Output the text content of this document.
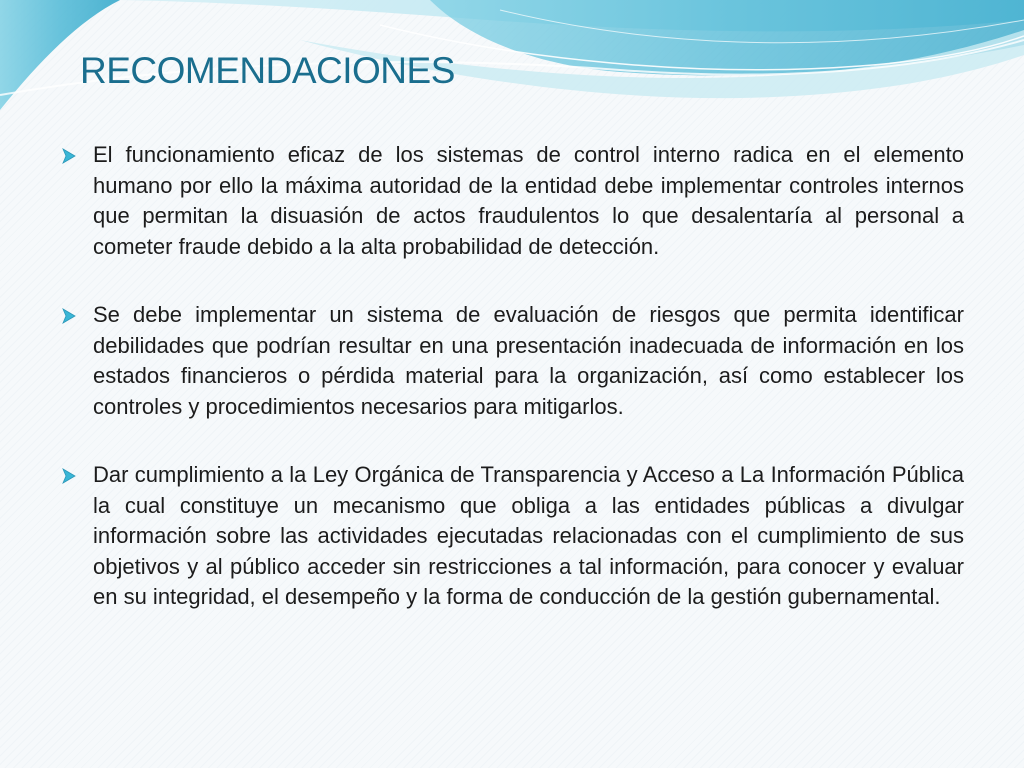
RECOMENDACIONES
El funcionamiento eficaz de los sistemas de control interno radica en el elemento humano por ello la máxima autoridad de la entidad debe implementar controles internos que permitan la disuasión de actos fraudulentos lo que desalentaría al personal a cometer fraude debido a la alta probabilidad de detección.
Se debe implementar un sistema de evaluación de riesgos que permita identificar debilidades que podrían resultar en una presentación inadecuada de información en los estados financieros o pérdida material para la organización, así como establecer los controles y procedimientos necesarios para mitigarlos.
Dar cumplimiento a la Ley Orgánica de Transparencia y Acceso a La Información Pública la cual constituye un mecanismo que obliga a las entidades públicas a divulgar información sobre las actividades ejecutadas relacionadas con el cumplimiento de sus objetivos y al público acceder sin restricciones a tal información, para conocer y evaluar en su integridad, el desempeño y la forma de conducción de la gestión gubernamental.
